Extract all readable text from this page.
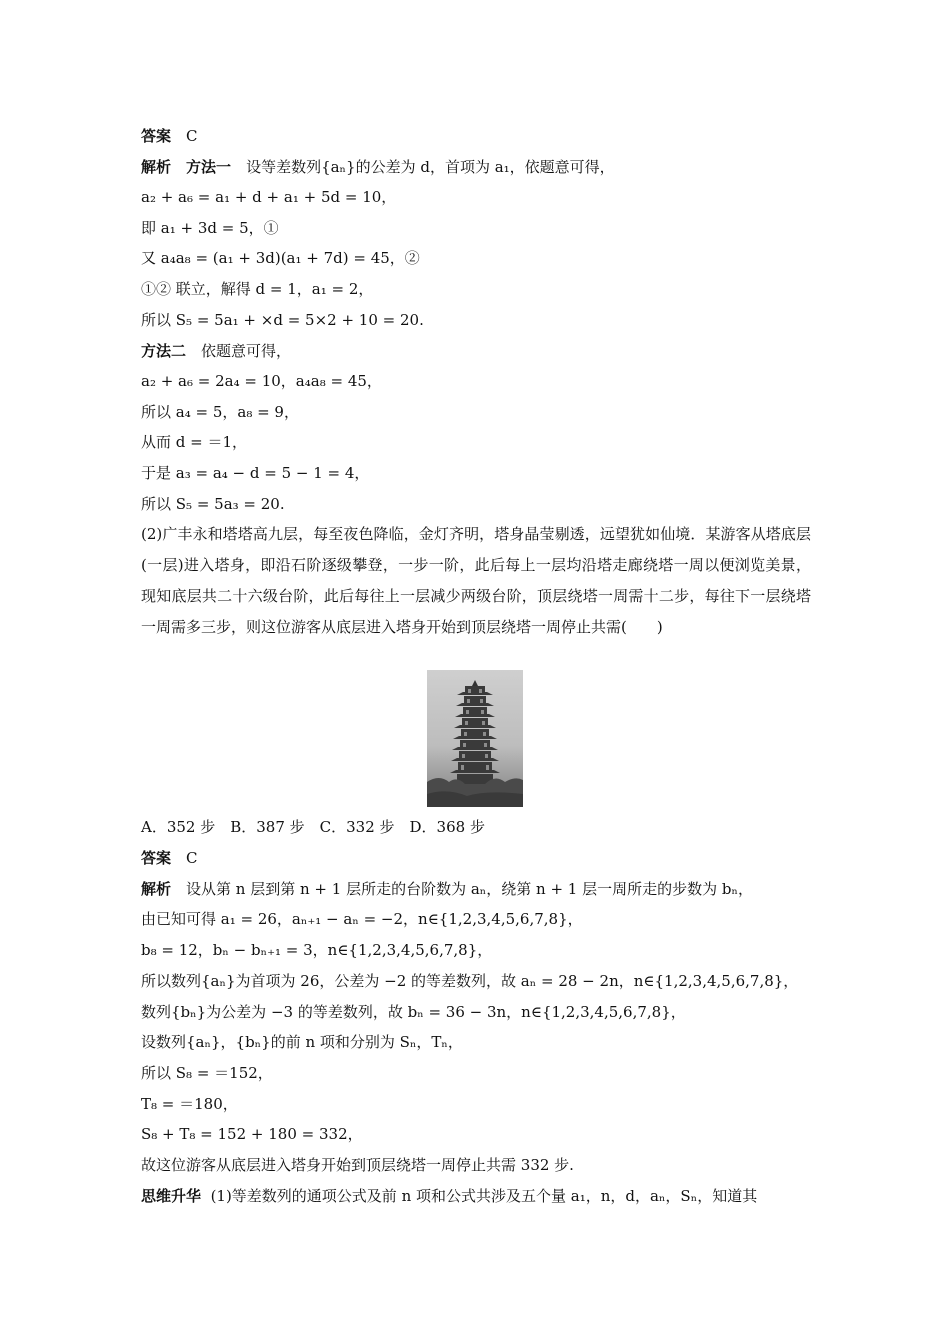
答案　 C
解析　 方法一　 设等差数列{aₙ}的公差为 d，首项为 a₁，依题意可得，
a₂ + a₆ = a₁ + d + a₁ + 5d = 10，
即 a₁ + 3d = 5，①
又 a₄a₈ = (a₁ + 3d)(a₁ + 7d) = 45，②
①② 联立，解得 d = 1，a₁ = 2，
所以 S₅ = 5a₁ + ×d = 5×2 + 10 = 20.
方法二　 依题意可得，
a₂ + a₆ = 2a₄ = 10，a₄a₈ = 45，
所以 a₄ = 5，a₈ = 9，
从而 d = ＝1，
于是 a₃ = a₄ − d = 5 − 1 = 4，
所以 S₅ = 5a₃ = 20.
(2)广丰永和塔塔高九层，每至夜色降临，金灯齐明，塔身晶莹剔透，远望犹如仙境．某游客从塔底层(一层)进入塔身，即沿石阶逐级攀登，一步一阶，此后每上一层均沿塔走廊绕塔一周以便浏览美景，现知底层共二十六级台阶，此后每往上一层减少两级台阶，顶层绕塔一周需十二步，每往下一层绕塔一周需多三步，则这位游客从底层进入塔身开始到顶层绕塔一周停止共需(　　)
A．352 步　B．387 步　C．332 步　D．368 步
答案　 C
解析　 设从第 n 层到第 n + 1 层所走的台阶数为 aₙ，绕第 n + 1 层一周所走的步数为 bₙ，
由已知可得 a₁ = 26，aₙ₊₁ − aₙ = −2，n∈{1,2,3,4,5,6,7,8}，
b₈ = 12，bₙ − bₙ₊₁ = 3，n∈{1,2,3,4,5,6,7,8}，
所以数列{aₙ}为首项为 26，公差为 −2 的等差数列，故 aₙ = 28 − 2n，n∈{1,2,3,4,5,6,7,8}，
数列{bₙ}为公差为 −3 的等差数列，故 bₙ = 36 − 3n，n∈{1,2,3,4,5,6,7,8}，
设数列{aₙ}，{bₙ}的前 n 项和分别为 Sₙ，Tₙ，
所以 S₈ = ＝152，
T₈ = ＝180，
S₈ + T₈ = 152 + 180 = 332，
故这位游客从底层进入塔身开始到顶层绕塔一周停止共需 332 步.
思维升华 (1)等差数列的通项公式及前 n 项和公式共涉及五个量 a₁，n，d，aₙ，Sₙ，知道其
